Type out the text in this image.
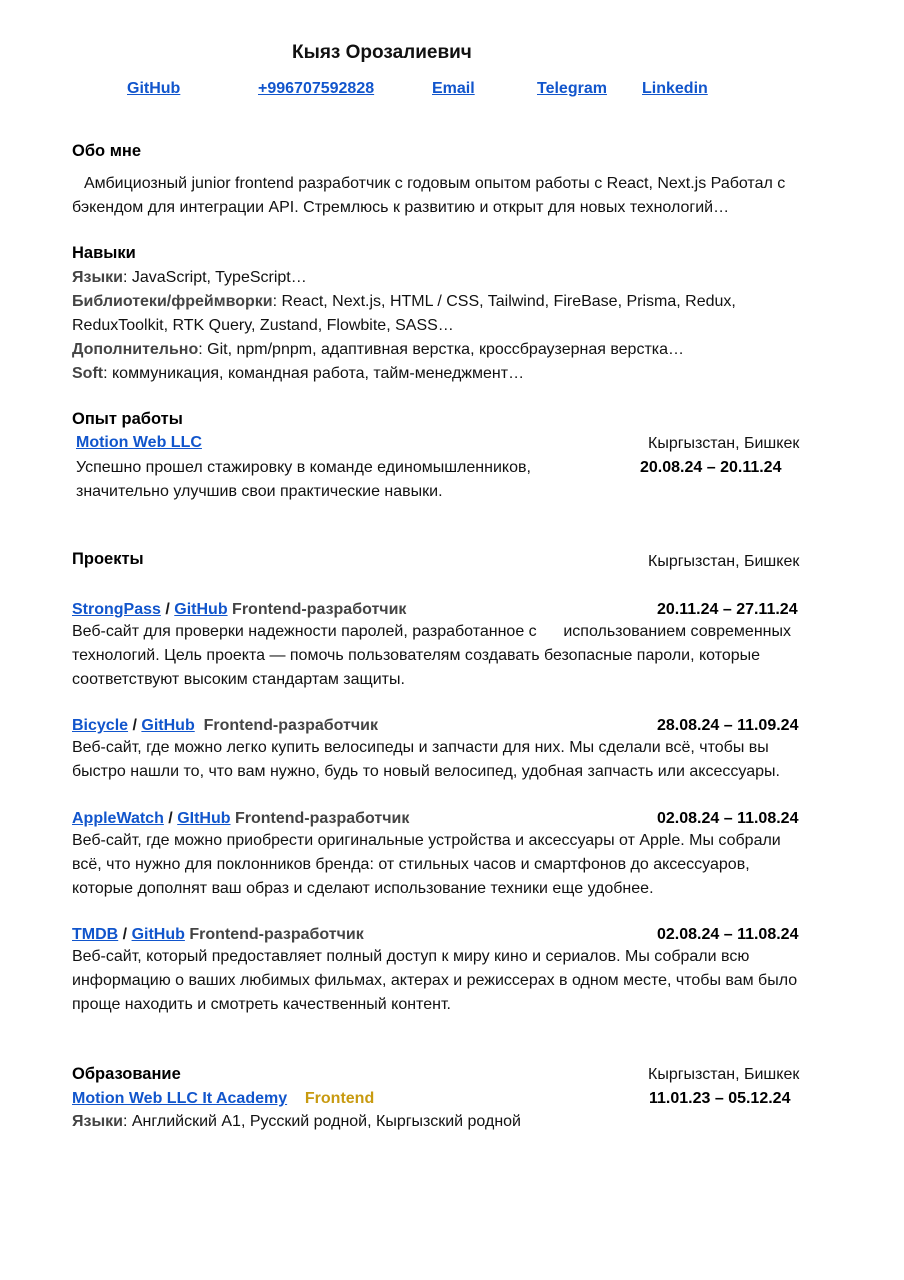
Кыяз Орозалиевич
GitHub	+996707592828	Email	Telegram Linkedin
Обо мне
Амбициозный junior frontend разработчик с годовым опытом работы с React, Next.js Работал с
бэкендом для интеграции API. Стремлюсь к развитию и открыт для новых технологий…
Навыки
Языки: JavaScript, TypeScript…
Библиотеки/фреймворки: React, Next.js, HTML / CSS, Tailwind, FireBase, Prisma, Redux,
ReduxToolkit, RTK Query, Zustand, Flowbite, SASS…
Дополнительно: Git, npm/pnpm, адаптивная верстка, кроссбраузерная верстка…
Soft: коммуникация, командная работа, тайм-менеджмент…
Опыт работы
Motion Web LLC	Кыргызстан, Бишкек
Успешно прошел стажировку в команде единомышленников,	20.08.24 – 20.11.24
значительно улучшив свои практические навыки.
Проекты	Кыргызстан, Бишкек
StrongPass / GitHub Frontend-разработчик	20.11.24 – 27.11.24
Веб-сайт для проверки надежности паролей, разработанное с      использованием современных
технологий. Цель проекта — помочь пользователям создавать безопасные пароли, которые
соответствуют высоким стандартам защиты.
Bicycle / GitHub Frontend-разработчик	28.08.24 – 11.09.24
Веб-сайт, где можно легко купить велосипеды и запчасти для них. Мы сделали всё, чтобы вы
быстро нашли то, что вам нужно, будь то новый велосипед, удобная запчасть или аксессуары.
AppleWatch / GItHub Frontend-разработчик	02.08.24 – 11.08.24
Веб-сайт, где можно приобрести оригинальные устройства и аксессуары от Apple. Мы собрали
всё, что нужно для поклонников бренда: от стильных часов и смартфонов до аксессуаров,
которые дополнят ваш образ и сделают использование техники еще удобнее.
TMDB / GitHub Frontend-разработчик	02.08.24 – 11.08.24
Веб-сайт, который предоставляет полный доступ к миру кино и сериалов. Мы собрали всю
информацию о ваших любимых фильмах, актерах и режиссерах в одном месте, чтобы вам было
проще находить и смотреть качественный контент.
Образование	Кыргызстан, Бишкек
Motion Web LLC It Academy Frontend	11.01.23 – 05.12.24
Языки: Английский A1, Русский родной, Кыргызский родной
